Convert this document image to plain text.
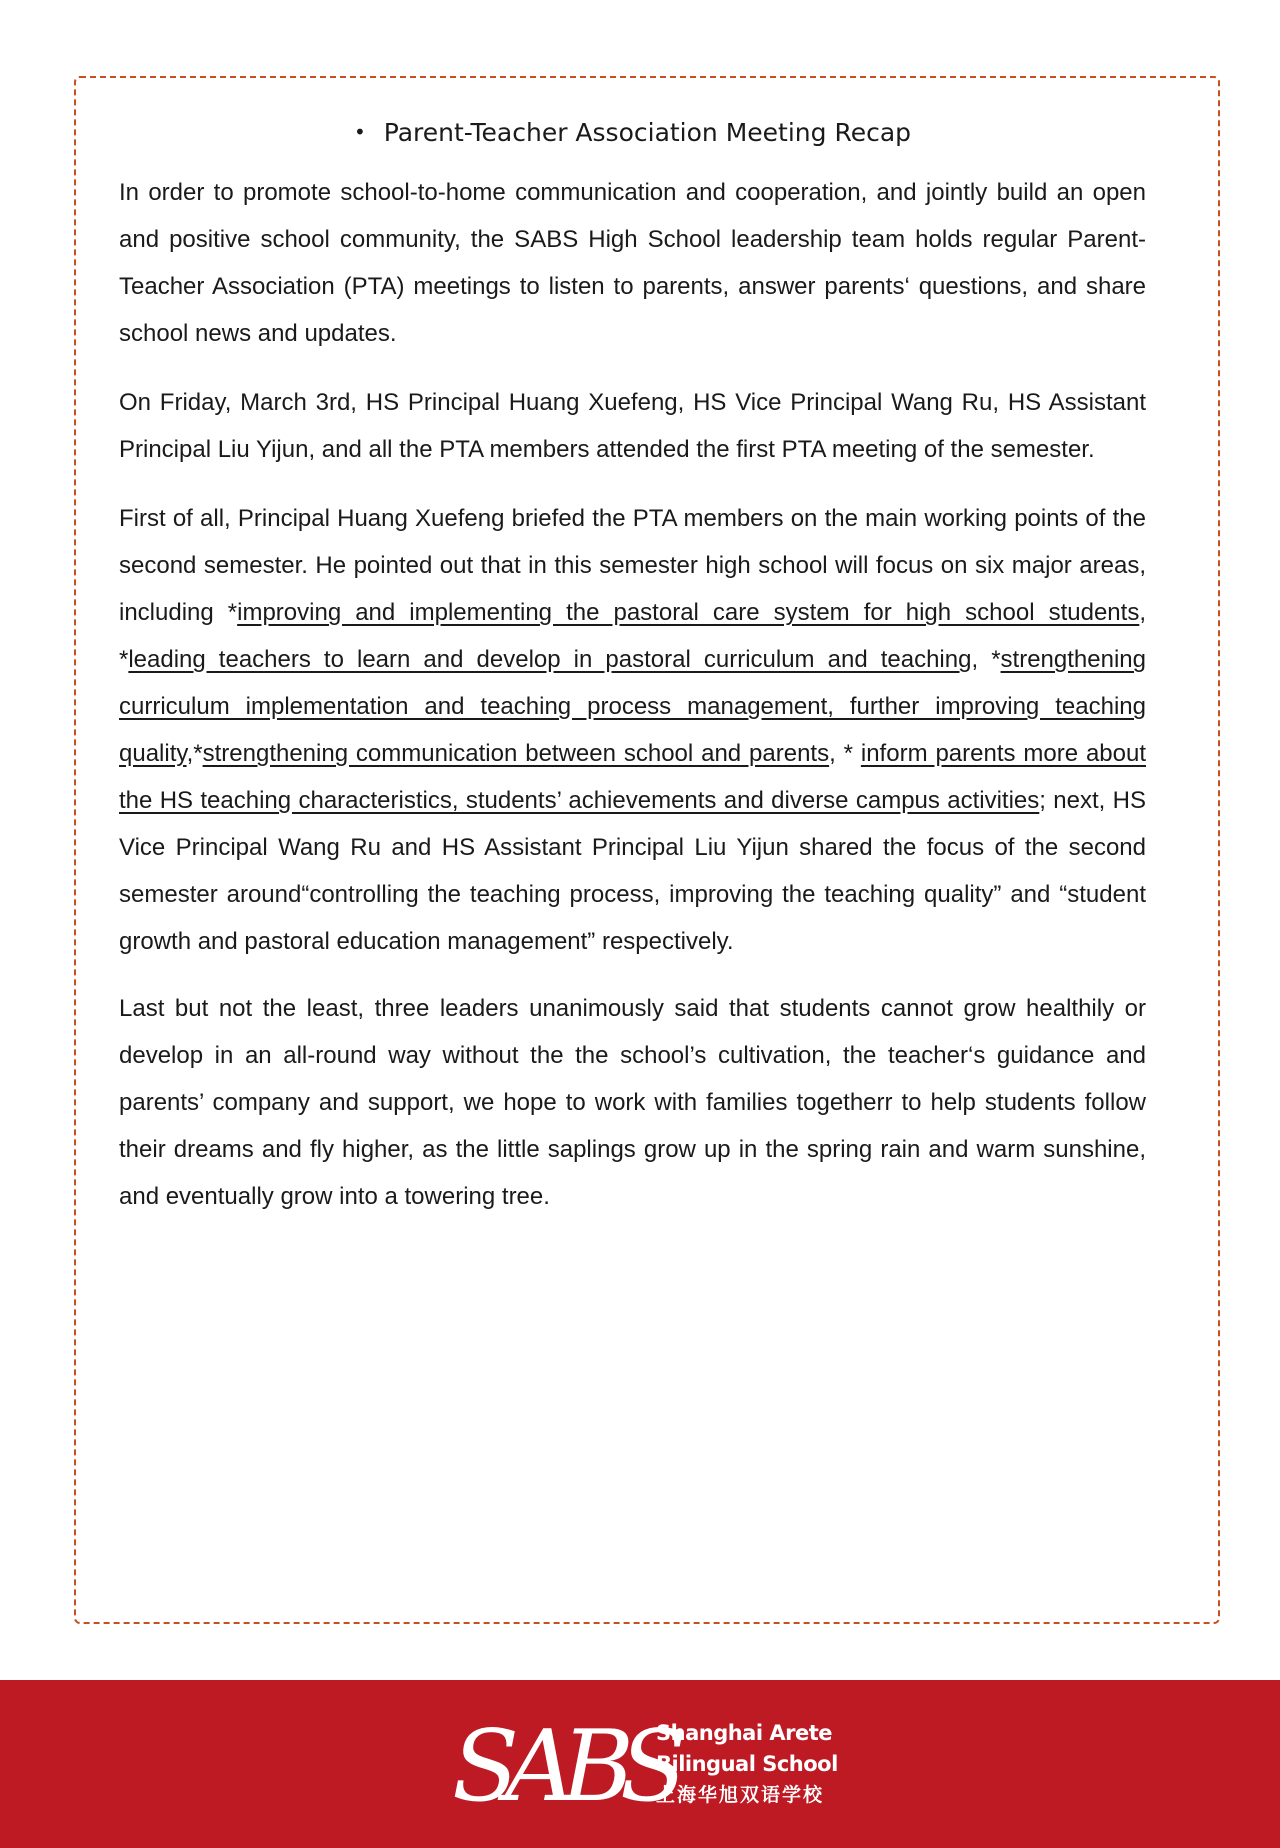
• Parent-Teacher Association Meeting Recap

In order to promote school-to-home communication and cooperation, and jointly build an open and positive school community, the SABS High School leadership team holds regular Parent-Teacher Association (PTA) meetings to listen to parents, answer parents‘ questions, and share school news and updates.

On Friday, March 3rd, HS Principal Huang Xuefeng, HS Vice Principal Wang Ru, HS Assistant Principal Liu Yijun, and all the PTA members attended the first PTA meeting of the semester.

First of all, Principal Huang Xuefeng briefed the PTA members on the main working points of the second semester. He pointed out that in this semester high school will focus on six major areas, including *improving and implementing the pastoral care system for high school students, *leading teachers to learn and develop in pastoral curriculum and teaching, *strengthening curriculum implementation and teaching process management, further improving teaching quality,*strengthening communication between school and parents, * inform parents more about the HS teaching characteristics, students’ achievements and diverse campus activities; next, HS Vice Principal Wang Ru and HS Assistant Principal Liu Yijun shared the focus of the second semester around“controlling the teaching process, improving the teaching quality” and “student growth and pastoral education management” respectively.

Last but not the least, three leaders unanimously said that students cannot grow healthily or develop in an all-round way without the the school’s cultivation, the teacher‘s guidance and parents’ company and support, we hope to work with families togetherr to help students follow their dreams and fly higher, as the little saplings grow up in the spring rain and warm sunshine, and eventually grow into a towering tree.

SABS
Shanghai Arete
Bilingual School
上海华旭双语学校
